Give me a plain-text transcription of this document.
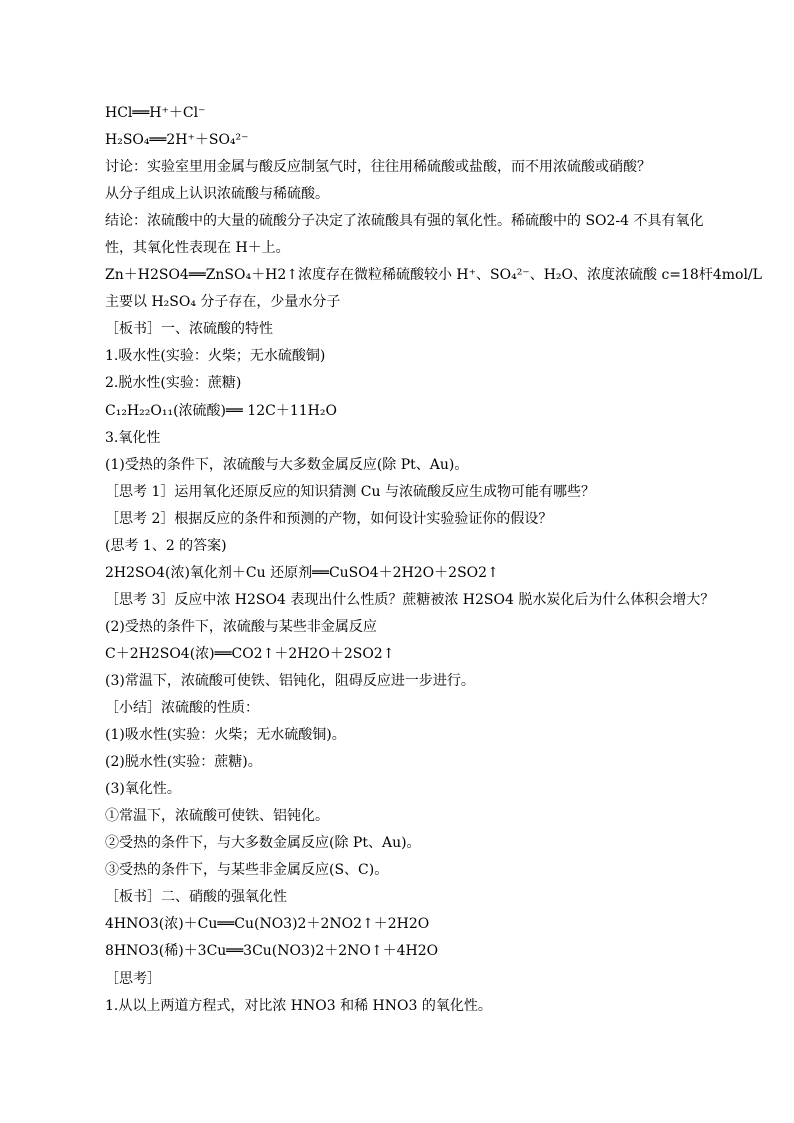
HCl══H⁺＋Cl⁻
H₂SO₄══2H⁺＋SO₄²⁻
讨论：实验室里用金属与酸反应制氢气时，往往用稀硫酸或盐酸，而不用浓硫酸或硝酸？
从分子组成上认识浓硫酸与稀硫酸。
结论：浓硫酸中的大量的硫酸分子决定了浓硫酸具有强的氧化性。稀硫酸中的 SO2-4 不具有氧化
性，其氧化性表现在 H＋上。
Zn＋H2SO4══ZnSO₄＋H2↑浓度存在微粒稀硫酸较小 H⁺、SO₄²⁻、H₂O、浓度浓硫酸 c=18杆4mol/L
主要以 H₂SO₄ 分子存在，少量水分子
［板书］一、浓硫酸的特性
1.吸水性(实验：火柴；无水硫酸铜)
2.脱水性(实验：蔗糖)
C₁₂H₂₂O₁₁(浓硫酸)══ 12C＋11H₂O
3.氧化性
(1)受热的条件下，浓硫酸与大多数金属反应(除 Pt、Au)。
［思考 1］运用氧化还原反应的知识猜测 Cu 与浓硫酸反应生成物可能有哪些？
［思考 2］根据反应的条件和预测的产物，如何设计实验验证你的假设？
(思考 1、2 的答案)
2H2SO4(浓)氧化剂＋Cu 还原剂══CuSO4＋2H2O＋2SO2↑
［思考 3］反应中浓 H2SO4 表现出什么性质？蔗糖被浓 H2SO4 脱水炭化后为什么体积会增大？
(2)受热的条件下，浓硫酸与某些非金属反应
C＋2H2SO4(浓)══CO2↑＋2H2O＋2SO2↑
(3)常温下，浓硫酸可使铁、铝钝化，阻碍反应进一步进行。
［小结］浓硫酸的性质：
(1)吸水性(实验：火柴；无水硫酸铜)。
(2)脱水性(实验：蔗糖)。
(3)氧化性。
①常温下，浓硫酸可使铁、铝钝化。
②受热的条件下，与大多数金属反应(除 Pt、Au)。
③受热的条件下，与某些非金属反应(S、C)。
［板书］二、硝酸的强氧化性
4HNO3(浓)＋Cu══Cu(NO3)2＋2NO2↑＋2H2O
8HNO3(稀)＋3Cu══3Cu(NO3)2＋2NO↑＋4H2O
［思考］
1.从以上两道方程式，对比浓 HNO3 和稀 HNO3 的氧化性。
